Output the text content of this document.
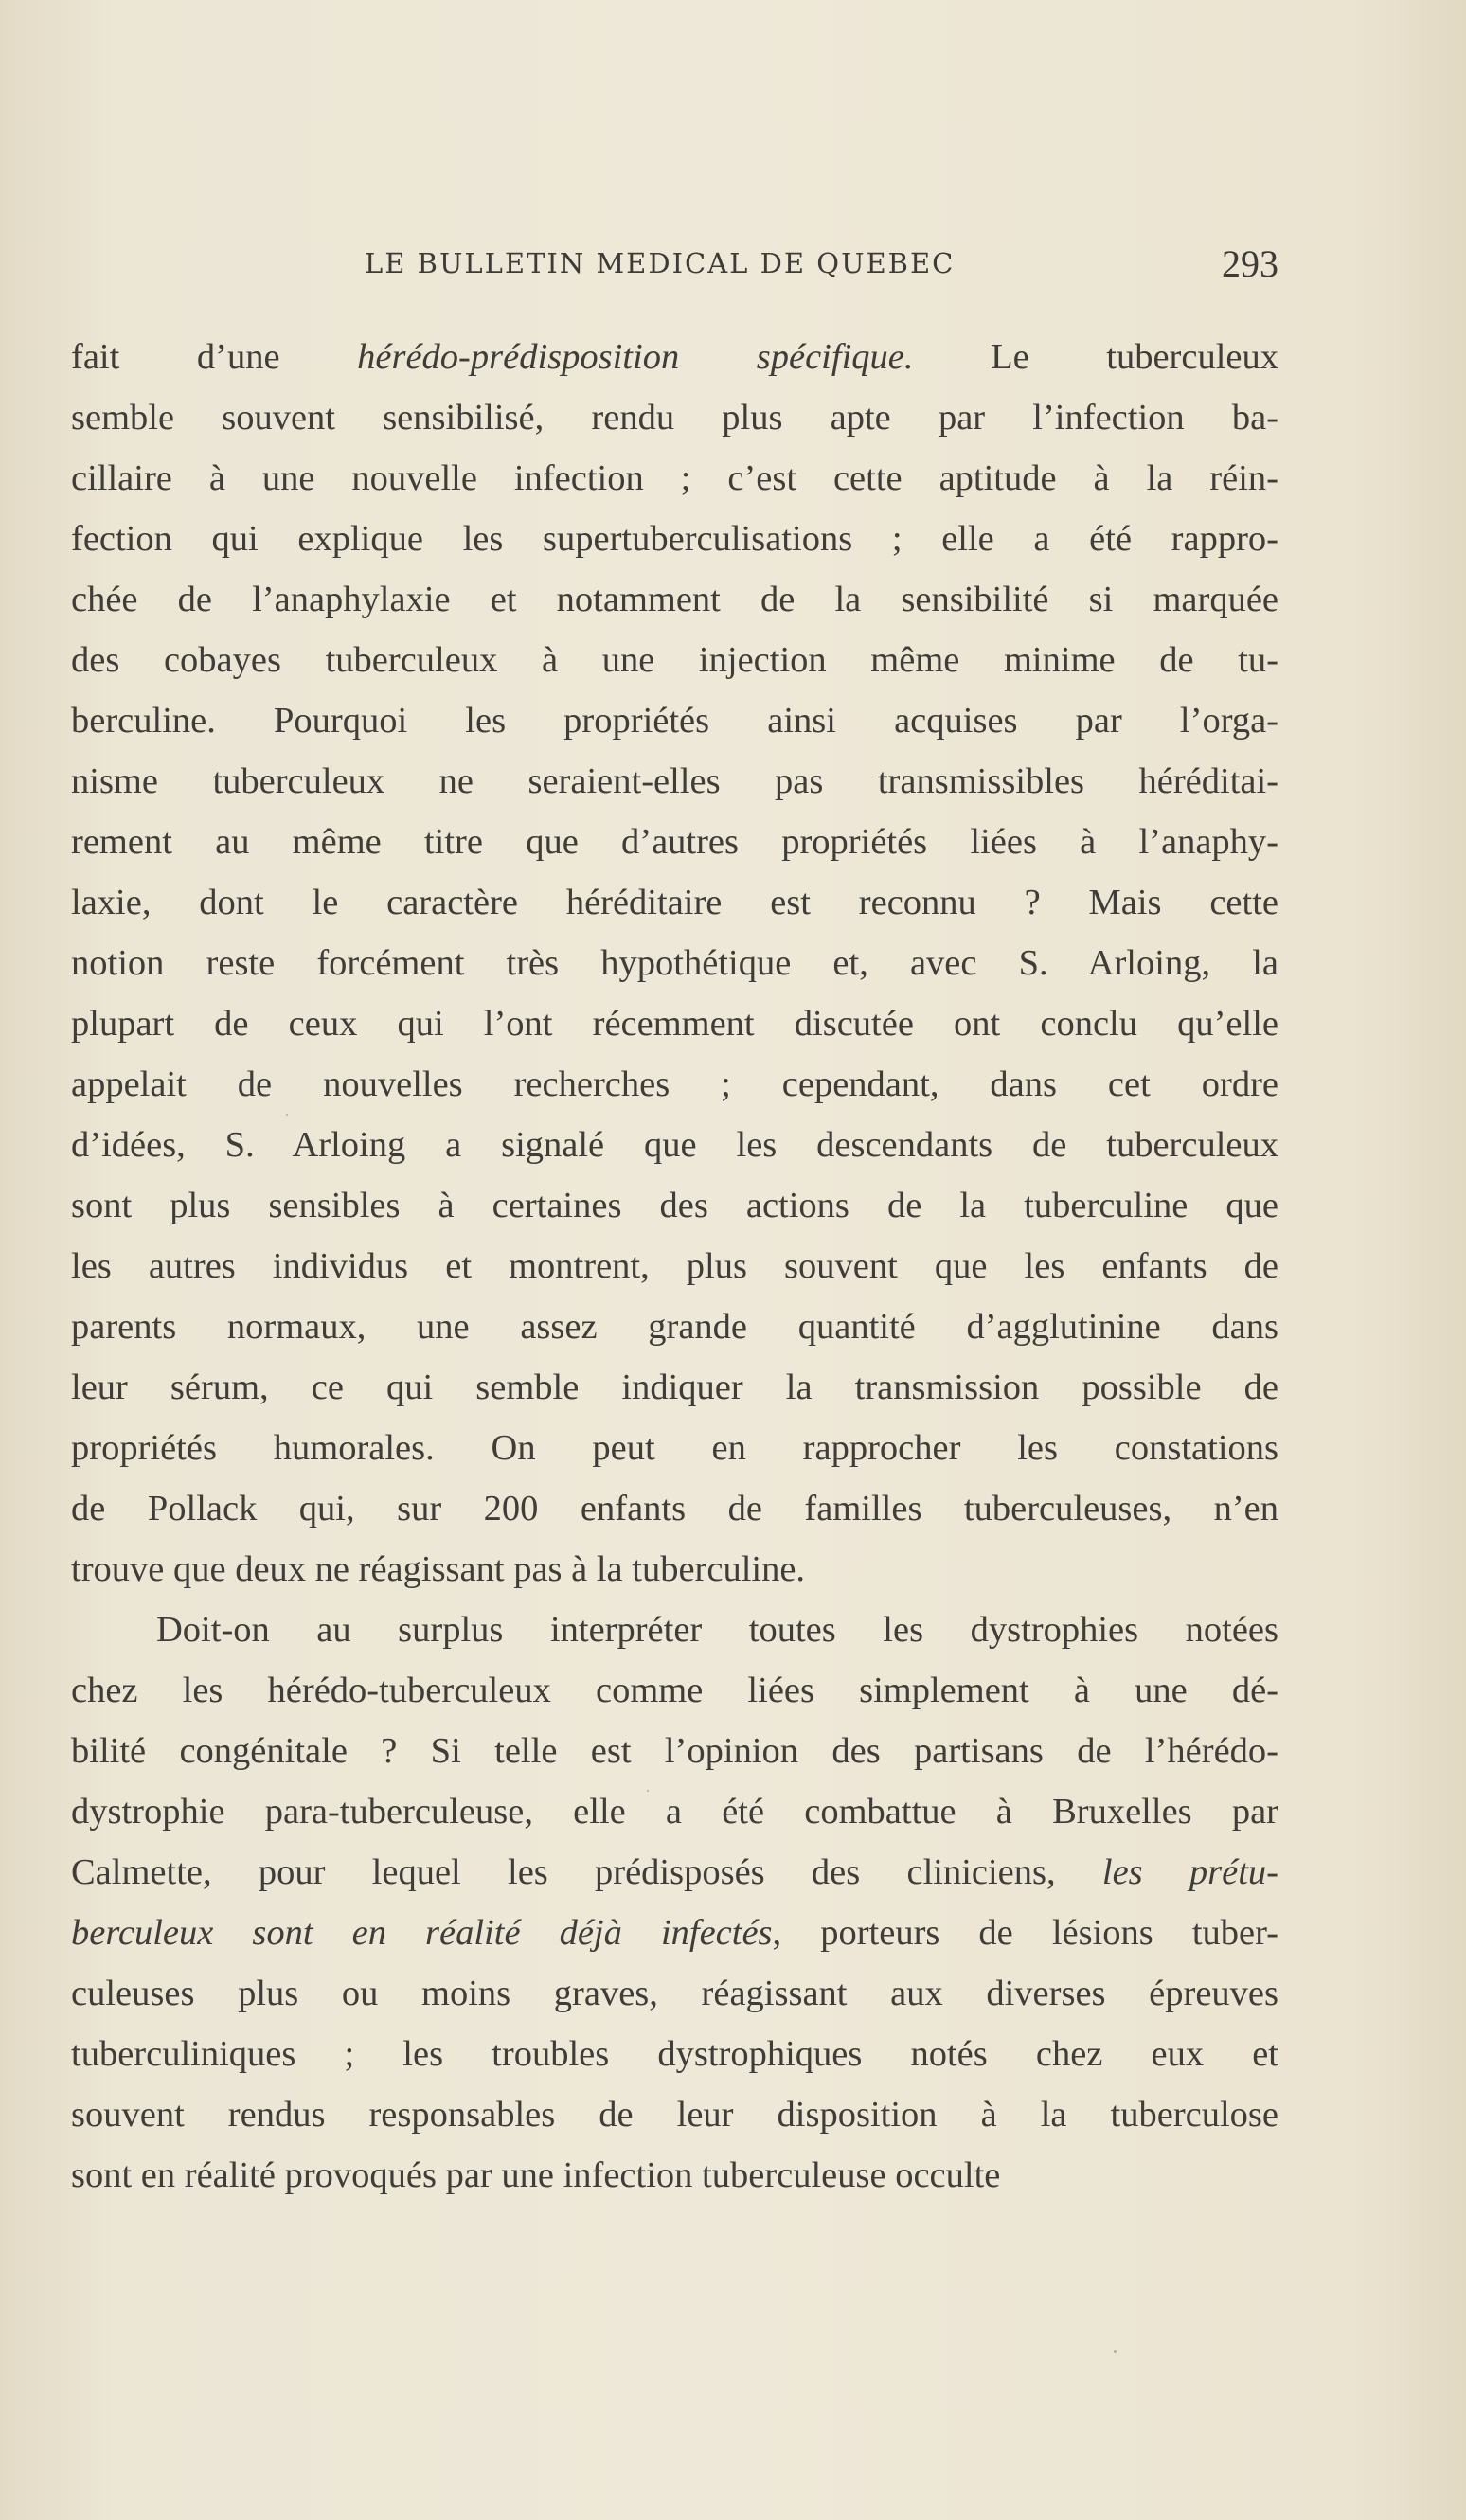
LE BULLETIN MEDICAL DE QUEBEC	293
fait d’une hérédo-prédisposition spécifique. Le tuberculeux
semble souvent sensibilisé, rendu plus apte par l’infection ba-
cillaire à une nouvelle infection ; c’est cette aptitude à la réin-
fection qui explique les supertuberculisations ; elle a été rappro-
chée de l’anaphylaxie et notamment de la sensibilité si marquée
des cobayes tuberculeux à une injection même minime de tu-
berculine. Pourquoi les propriétés ainsi acquises par l’orga-
nisme tuberculeux ne seraient-elles pas transmissibles héréditai-
rement au même titre que d’autres propriétés liées à l’anaphy-
laxie, dont le caractère héréditaire est reconnu ? Mais cette
notion reste forcément très hypothétique et, avec S. Arloing, la
plupart de ceux qui l’ont récemment discutée ont conclu qu’elle
appelait de nouvelles recherches ; cependant, dans cet ordre
d’idées, S. Arloing a signalé que les descendants de tuberculeux
sont plus sensibles à certaines des actions de la tuberculine que
les autres individus et montrent, plus souvent que les enfants de
parents normaux, une assez grande quantité d’agglutinine dans
leur sérum, ce qui semble indiquer la transmission possible de
propriétés humorales. On peut en rapprocher les constations
de Pollack qui, sur 200 enfants de familles tuberculeuses, n’en
trouve que deux ne réagissant pas à la tuberculine.
Doit-on au surplus interpréter toutes les dystrophies notées
chez les hérédo-tuberculeux comme liées simplement à une dé-
bilité congénitale ? Si telle est l’opinion des partisans de l’hérédo-
dystrophie para-tuberculeuse, elle a été combattue à Bruxelles par
Calmette, pour lequel les prédisposés des cliniciens, les prétu-
berculeux sont en réalité déjà infectés, porteurs de lésions tuber-
culeuses plus ou moins graves, réagissant aux diverses épreuves
tuberculiniques ; les troubles dystrophiques notés chez eux et
souvent rendus responsables de leur disposition à la tuberculose
sont en réalité provoqués par une infection tuberculeuse occulte
